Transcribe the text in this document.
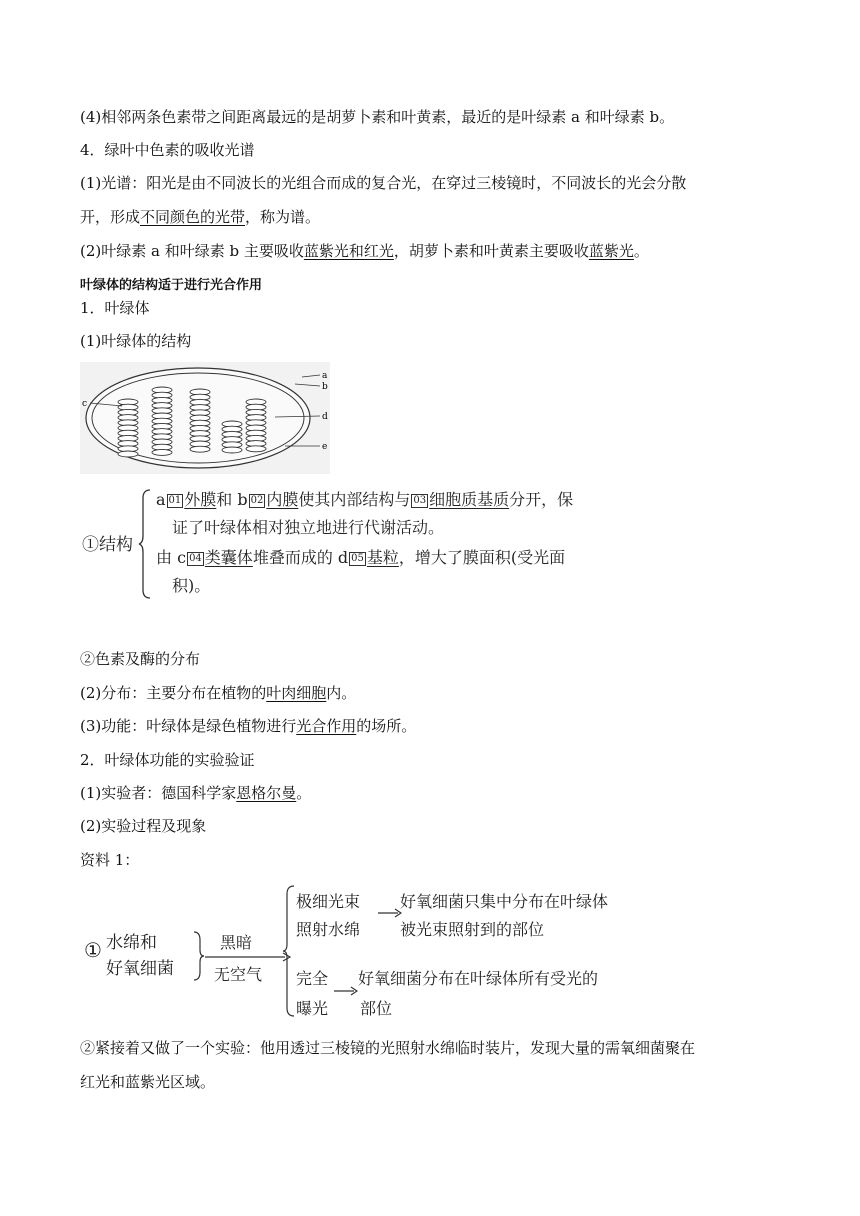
(4)相邻两条色素带之间距离最远的是胡萝卜素和叶黄素，最近的是叶绿素 a 和叶绿素 b。
4．绿叶中色素的吸收光谱
(1)光谱：阳光是由不同波长的光组合而成的复合光，在穿过三棱镜时，不同波长的光会分散
开，形成不同颜色的光带，称为谱。
(2)叶绿素 a 和叶绿素 b 主要吸收蓝紫光和红光，胡萝卜素和叶黄素主要吸收蓝紫光。
叶绿体的结构适于进行光合作用
1．叶绿体
(1)叶绿体的结构
a
b
c
d
e
①结构
a 01 外膜和 b 02 内膜使其内部结构与 03 细胞质基质分开，保
证了叶绿体相对独立地进行代谢活动。
由 c 04 类囊体堆叠而成的 d 05 基粒，增大了膜面积(受光面
积)。
②色素及酶的分布
(2)分布：主要分布在植物的叶肉细胞内。
(3)功能：叶绿体是绿色植物进行光合作用的场所。
2．叶绿体功能的实验验证
(1)实验者：德国科学家恩格尔曼。
(2)实验过程及现象
资料 1：
① 水绵和
好氧细菌
黑暗
无空气
极细光束
照射水绵
好氧细菌只集中分布在叶绿体
被光束照射到的部位
完全
曝光
好氧细菌分布在叶绿体所有受光的
部位
②紧接着又做了一个实验：他用透过三棱镜的光照射水绵临时装片，发现大量的需氧细菌聚在
红光和蓝紫光区域。
